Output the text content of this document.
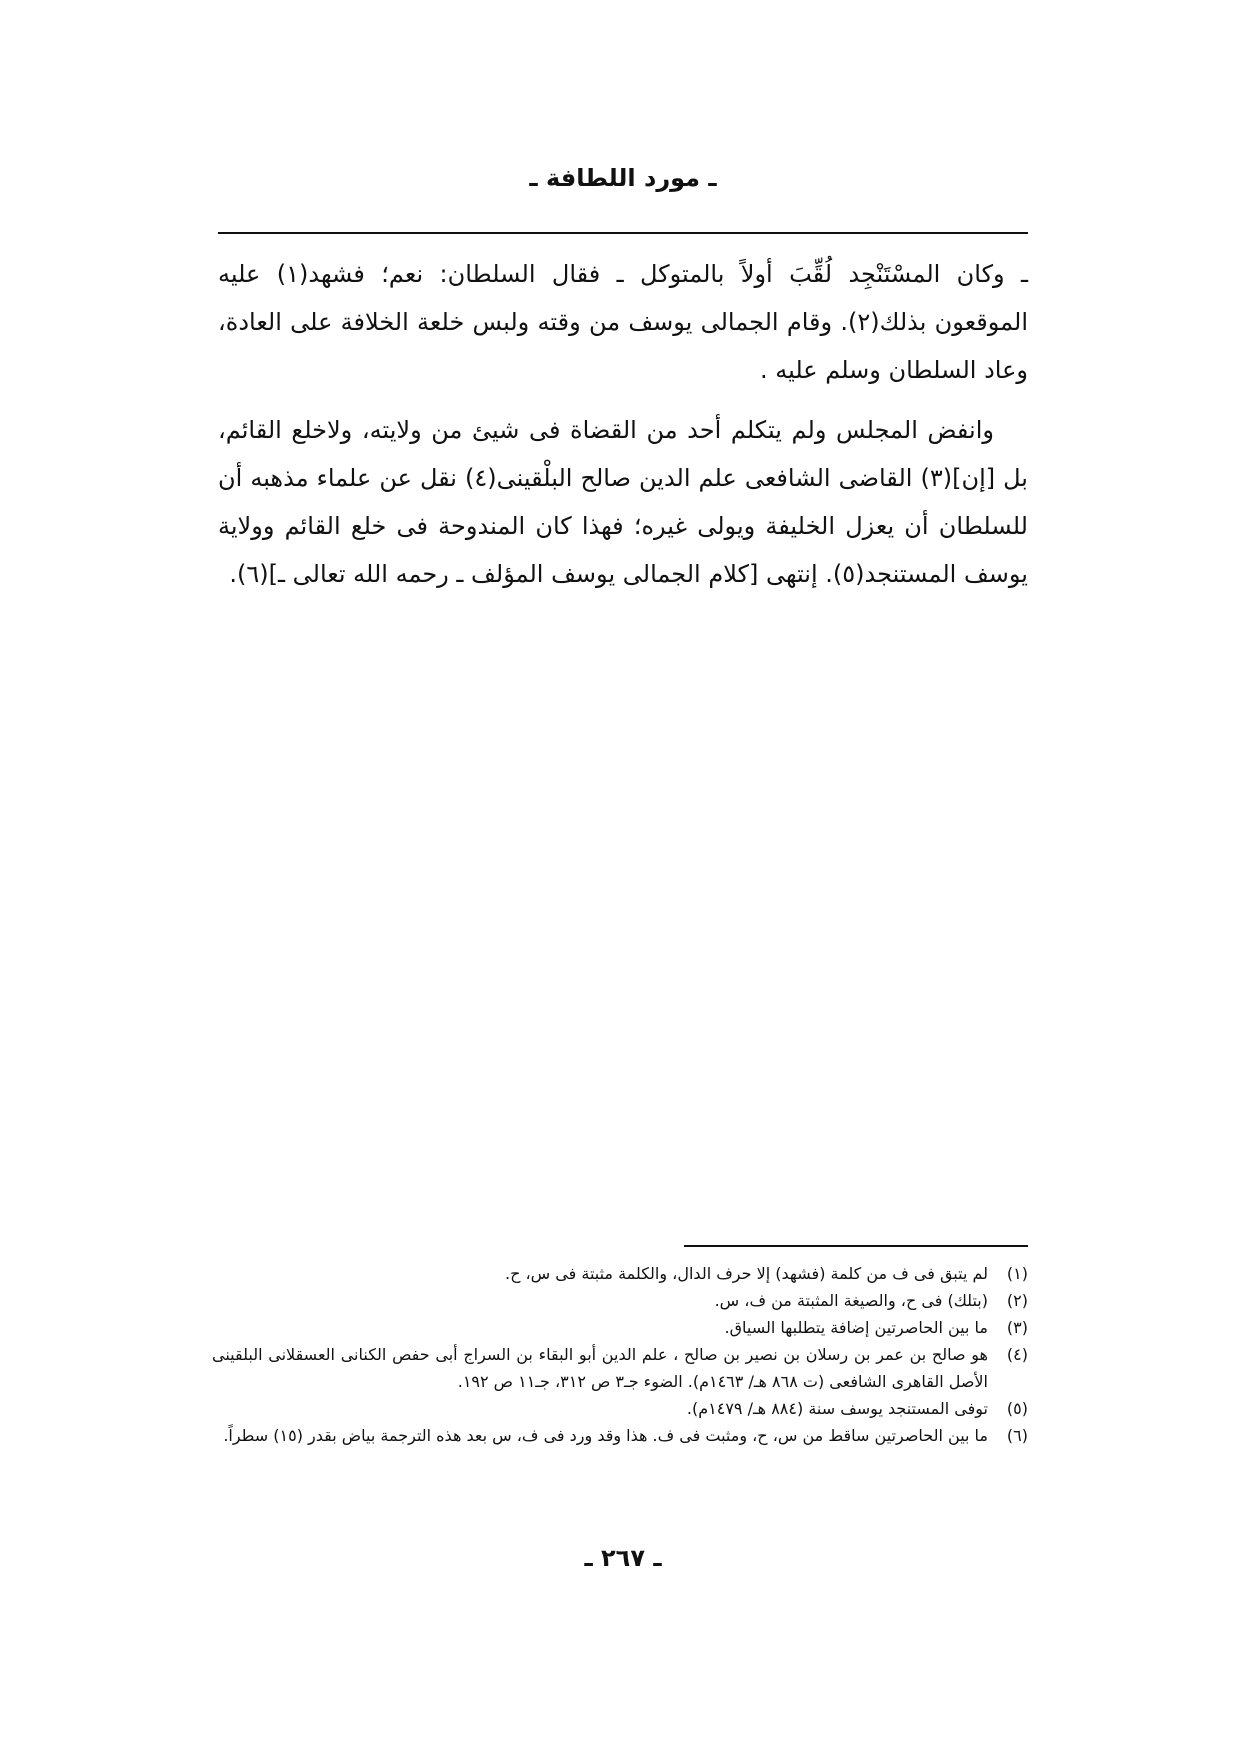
ـ مورد اللطافة ـ

ـ وكان المسْتَنْجِد لُقِّبَ أولاً بالمتوكل ـ فقال السلطان: نعم؛ فشهد(١) عليه الموقعون بذلك(٢). وقام الجمالى يوسف من وقته ولبس خلعة الخلافة على العادة، وعاد السلطان وسلم عليه .

وانفض المجلس ولم يتكلم أحد من القضاة فى شيئ من ولايته، ولاخلع القائم، بل [إن](٣) القاضى الشافعى علم الدين صالح البلْقينى(٤) نقل عن علماء مذهبه أن للسلطان أن يعزل الخليفة ويولى غيره؛ فهذا كان المندوحة فى خلع القائم وولاية يوسف المستنجد(٥). إنتهى [كلام الجمالى يوسف المؤلف ـ رحمه الله تعالى ـ](٦).

(١)
لم يتبق فى ف من كلمة (فشهد) إلا حرف الدال، والكلمة مثبتة فى س، ح.
(٢)
(بتلك) فى ح، والصيغة المثبتة من ف، س.
(٣)
ما بين الحاصرتين إضافة يتطلبها السياق.
(٤)
هو صالح بن عمر بن رسلان بن نصير بن صالح ، علم الدين أبو البقاء بن السراج أبى حفص الكنانى العسقلانى البلقينى الأصل القاهرى الشافعى (ت ٨٦٨ هـ/ ١٤٦٣م). الضوء جـ٣ ص ٣١٢، جـ١١ ص ١٩٢.
(٥)
توفى المستنجد يوسف سنة (٨٨٤ هـ/ ١٤٧٩م).
(٦)
ما بين الحاصرتين ساقط من س، ح، ومثبت فى ف. هذا وقد ورد فى ف، س بعد هذه الترجمة بياض بقدر (١٥) سطراً.
ـ ٢٦٧ ـ
